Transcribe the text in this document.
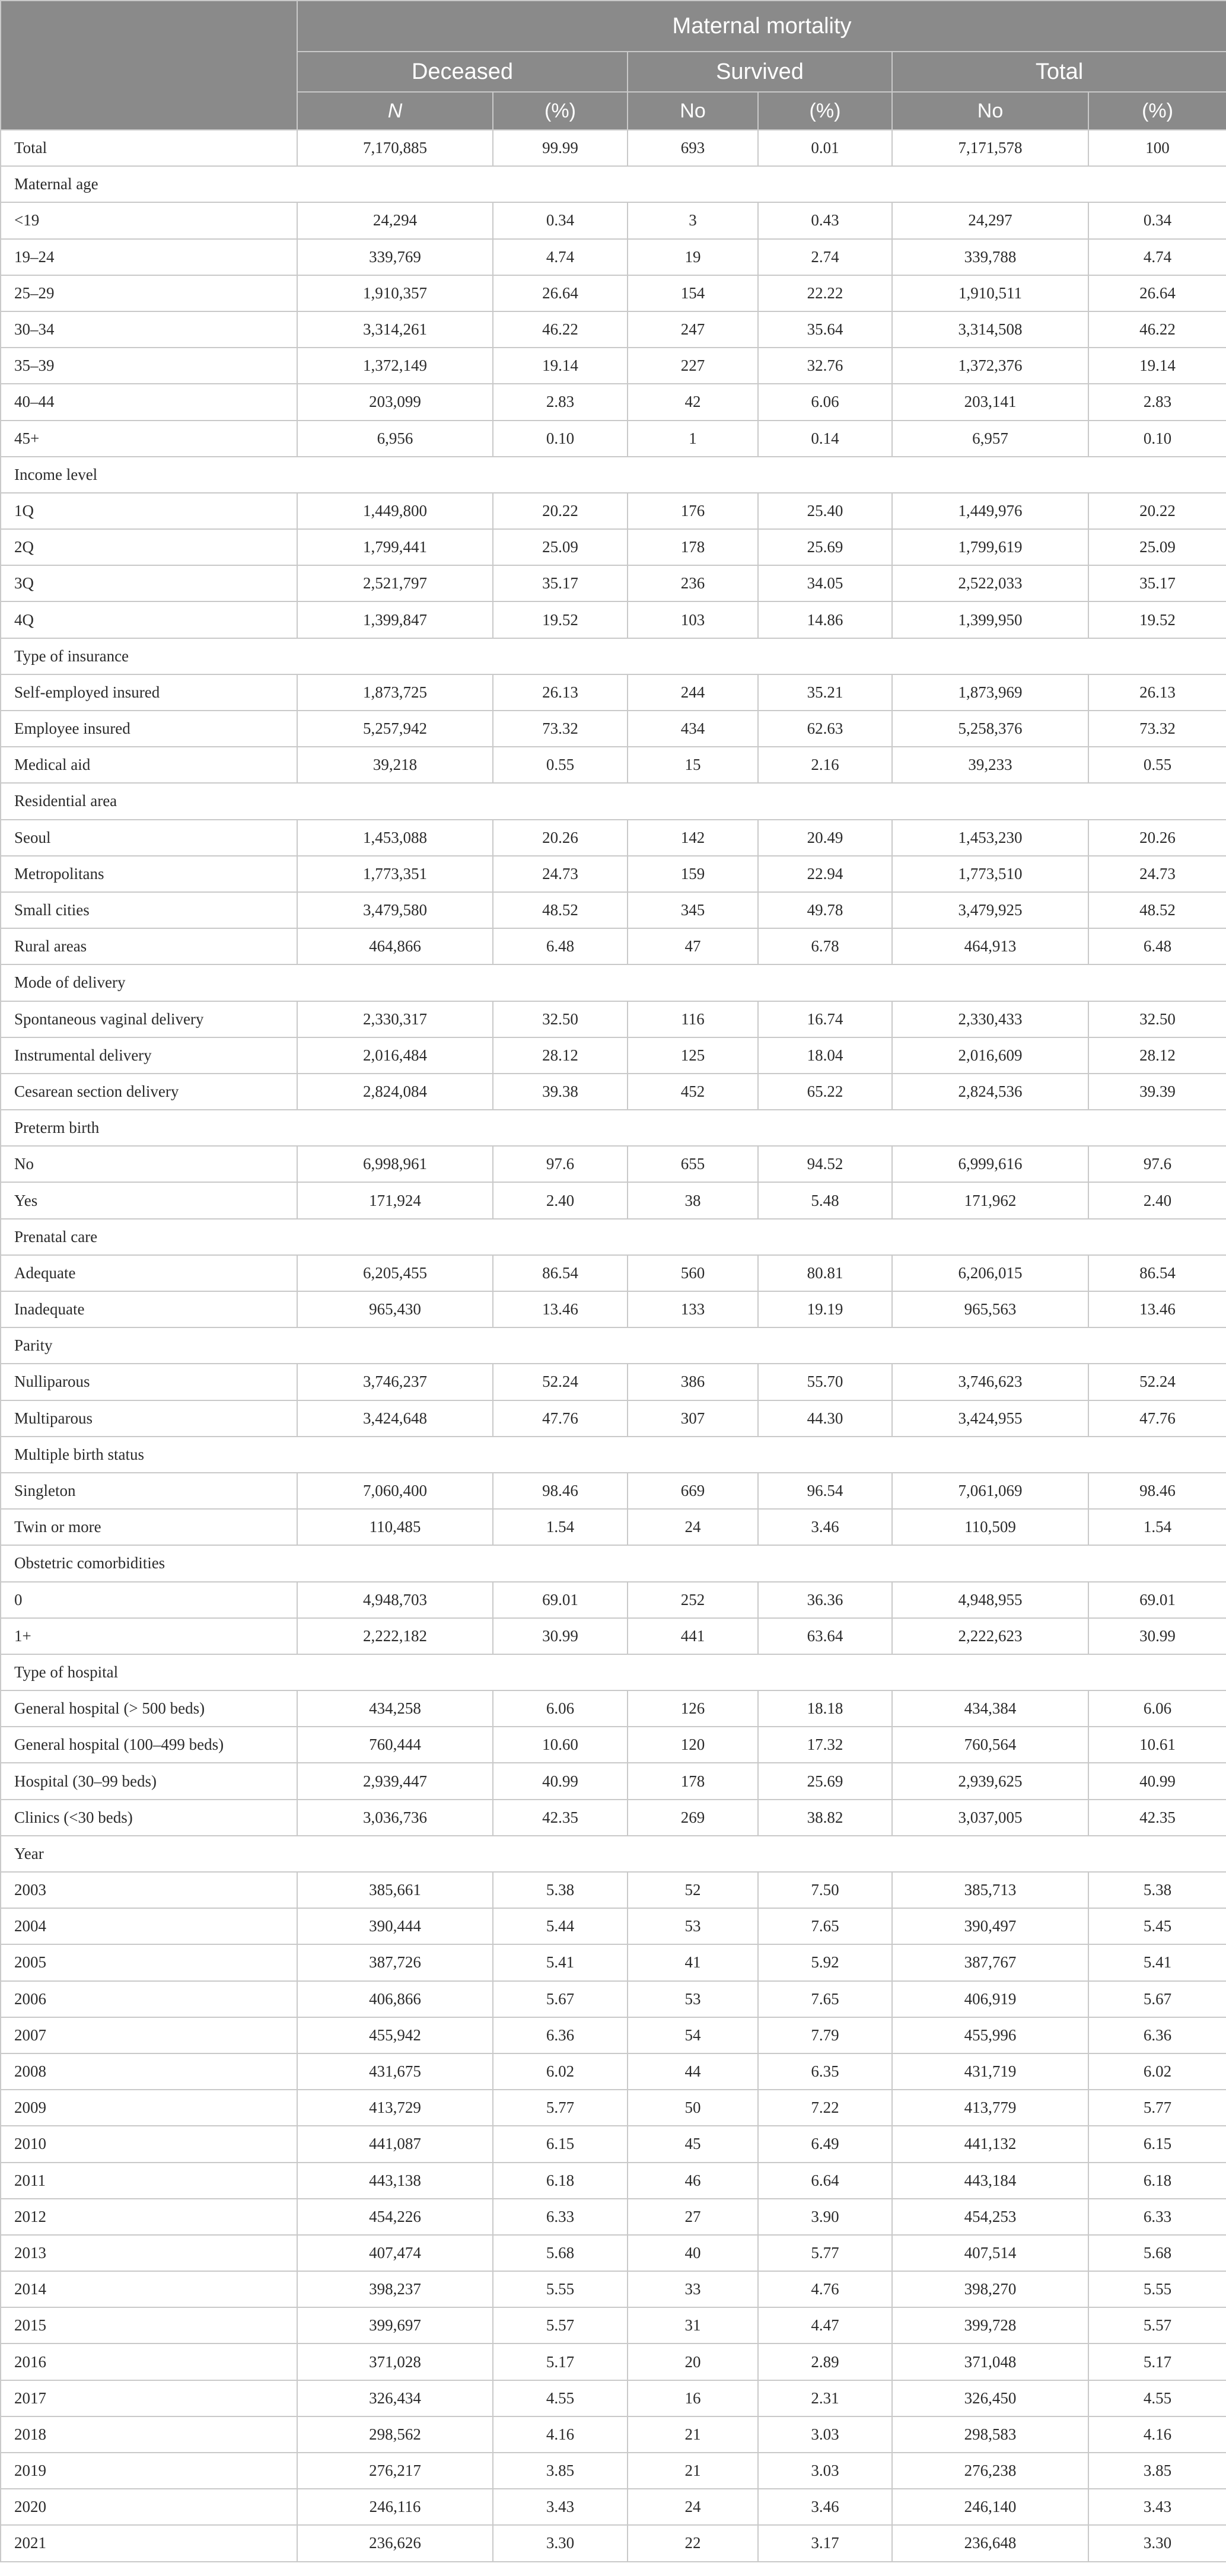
	Maternal mortality					
	Deceased		Survived		Total	
	N	(%)	No	(%)	No	(%)
Total	7,170,885	99.99	693	0.01	7,171,578	100
Maternal age						
<19	24,294	0.34	3	0.43	24,297	0.34
19–24	339,769	4.74	19	2.74	339,788	4.74
25–29	1,910,357	26.64	154	22.22	1,910,511	26.64
30–34	3,314,261	46.22	247	35.64	3,314,508	46.22
35–39	1,372,149	19.14	227	32.76	1,372,376	19.14
40–44	203,099	2.83	42	6.06	203,141	2.83
45+	6,956	0.10	1	0.14	6,957	0.10
Income level						
1Q	1,449,800	20.22	176	25.40	1,449,976	20.22
2Q	1,799,441	25.09	178	25.69	1,799,619	25.09
3Q	2,521,797	35.17	236	34.05	2,522,033	35.17
4Q	1,399,847	19.52	103	14.86	1,399,950	19.52
Type of insurance						
Self-employed insured	1,873,725	26.13	244	35.21	1,873,969	26.13
Employee insured	5,257,942	73.32	434	62.63	5,258,376	73.32
Medical aid	39,218	0.55	15	2.16	39,233	0.55
Residential area						
Seoul	1,453,088	20.26	142	20.49	1,453,230	20.26
Metropolitans	1,773,351	24.73	159	22.94	1,773,510	24.73
Small cities	3,479,580	48.52	345	49.78	3,479,925	48.52
Rural areas	464,866	6.48	47	6.78	464,913	6.48
Mode of delivery						
Spontaneous vaginal delivery	2,330,317	32.50	116	16.74	2,330,433	32.50
Instrumental delivery	2,016,484	28.12	125	18.04	2,016,609	28.12
Cesarean section delivery	2,824,084	39.38	452	65.22	2,824,536	39.39
Preterm birth						
No	6,998,961	97.6	655	94.52	6,999,616	97.6
Yes	171,924	2.40	38	5.48	171,962	2.40
Prenatal care						
Adequate	6,205,455	86.54	560	80.81	6,206,015	86.54
Inadequate	965,430	13.46	133	19.19	965,563	13.46
Parity						
Nulliparous	3,746,237	52.24	386	55.70	3,746,623	52.24
Multiparous	3,424,648	47.76	307	44.30	3,424,955	47.76
Multiple birth status						
Singleton	7,060,400	98.46	669	96.54	7,061,069	98.46
Twin or more	110,485	1.54	24	3.46	110,509	1.54
Obstetric comorbidities						
0	4,948,703	69.01	252	36.36	4,948,955	69.01
1+	2,222,182	30.99	441	63.64	2,222,623	30.99
Type of hospital						
General hospital (> 500 beds)	434,258	6.06	126	18.18	434,384	6.06
General hospital (100–499 beds)	760,444	10.60	120	17.32	760,564	10.61
Hospital (30–99 beds)	2,939,447	40.99	178	25.69	2,939,625	40.99
Clinics (<30 beds)	3,036,736	42.35	269	38.82	3,037,005	42.35
Year						
2003	385,661	5.38	52	7.50	385,713	5.38
2004	390,444	5.44	53	7.65	390,497	5.45
2005	387,726	5.41	41	5.92	387,767	5.41
2006	406,866	5.67	53	7.65	406,919	5.67
2007	455,942	6.36	54	7.79	455,996	6.36
2008	431,675	6.02	44	6.35	431,719	6.02
2009	413,729	5.77	50	7.22	413,779	5.77
2010	441,087	6.15	45	6.49	441,132	6.15
2011	443,138	6.18	46	6.64	443,184	6.18
2012	454,226	6.33	27	3.90	454,253	6.33
2013	407,474	5.68	40	5.77	407,514	5.68
2014	398,237	5.55	33	4.76	398,270	5.55
2015	399,697	5.57	31	4.47	399,728	5.57
2016	371,028	5.17	20	2.89	371,048	5.17
2017	326,434	4.55	16	2.31	326,450	4.55
2018	298,562	4.16	21	3.03	298,583	4.16
2019	276,217	3.85	21	3.03	276,238	3.85
2020	246,116	3.43	24	3.46	246,140	3.43
2021	236,626	3.30	22	3.17	236,648	3.30
